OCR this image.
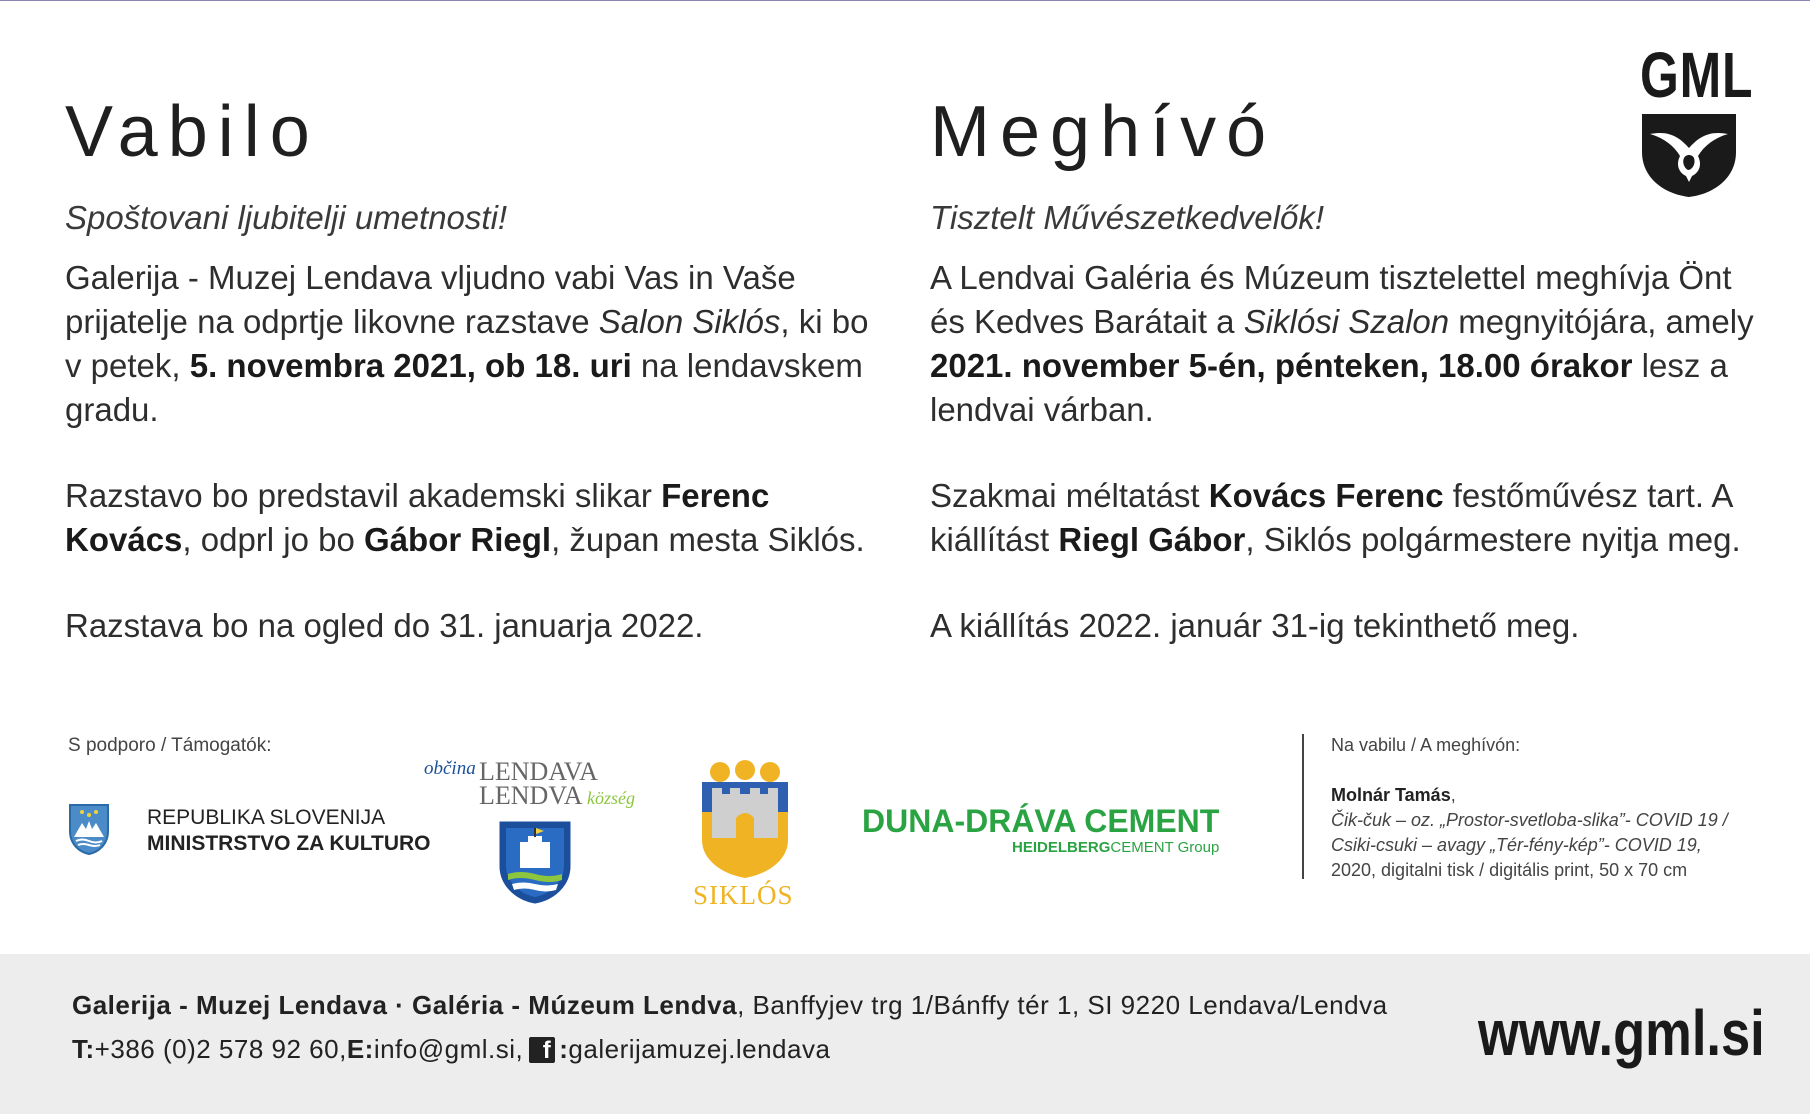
Vabilo
Spoštovani ljubitelji umetnosti!
Galerija - Muzej Lendava vljudno vabi Vas in Vaše prijatelje na odprtje likovne razstave Salon Siklós, ki bo v petek, 5. novembra 2021, ob 18. uri na lendavskem gradu.
Razstavo bo predstavil akademski slikar Ferenc Kovács, odprl jo bo Gábor Riegl, župan mesta Siklós.
Razstava bo na ogled do 31. januarja 2022.
Meghívó
Tisztelt Művészetkedvelők!
A Lendvai Galéria és Múzeum tisztelettel meghívja Önt és Kedves Barátait a Siklósi Szalon megnyitójára, amely 2021. november 5-én, pénteken, 18.00 órakor lesz a lendvai várban.
Szakmai méltatást Kovács Ferenc festőművész tart. A kiállítást Riegl Gábor, Siklós polgármestere nyitja meg.
A kiállítás 2022. január 31-ig tekinthető meg.
GML
S podporo / Támogatók:
REPUBLIKA SLOVENIJA
MINISTRSTVO ZA KULTURO
občina LENDAVA
LENDVA község
SIKLÓS
DUNA-DRÁVA CEMENT
HEIDELBERGCEMENT Group
Na vabilu / A meghívón:
Molnár Tamás,
Čik-čuk – oz. „Prostor-svetloba-slika”- COVID 19 / Csiki-csuki – avagy „Tér-fény-kép”- COVID 19,
2020, digitalni tisk / digitális print, 50 x 70 cm
Galerija - Muzej Lendava · Galéria - Múzeum Lendva, Banffyjev trg 1/Bánffy tér 1, SI 9220 Lendava/Lendva
T: +386 (0)2 578 92 60, E: info@gml.si, f : galerijamuzej.lendava	www.gml.si
